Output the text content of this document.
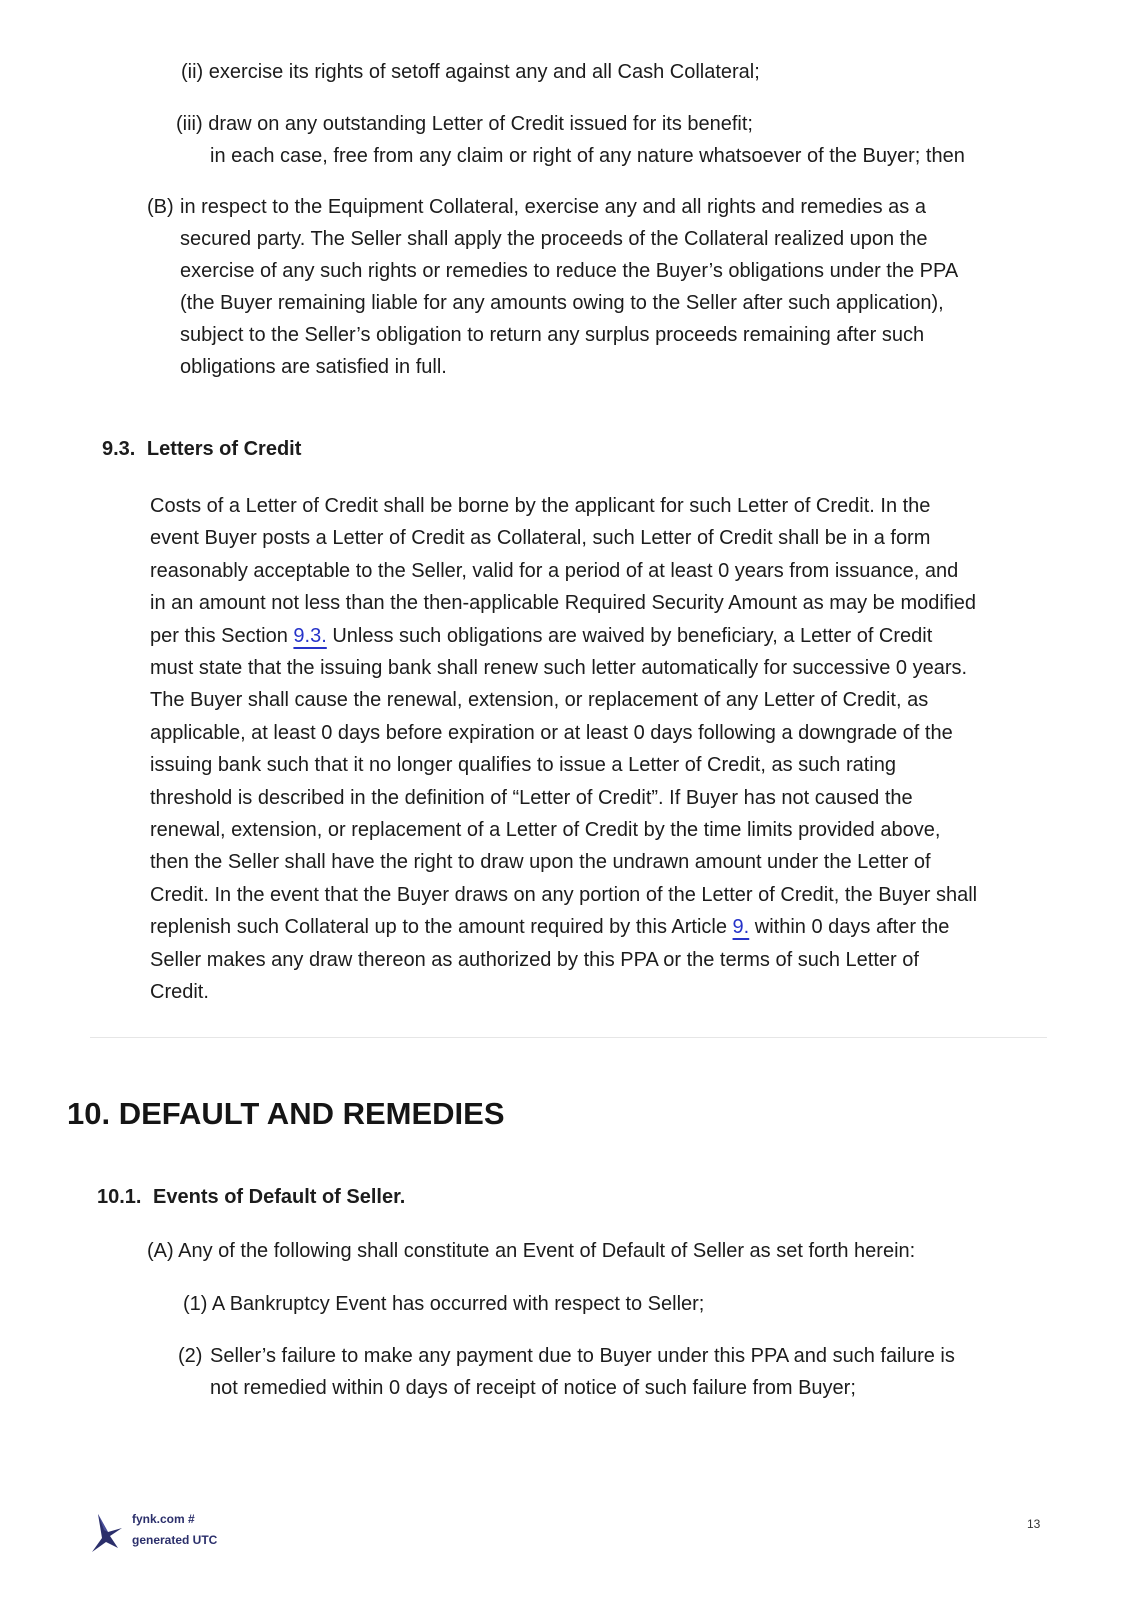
(ii) exercise its rights of setoff against any and all Cash Collateral;
(iii) draw on any outstanding Letter of Credit issued for its benefit;
in each case, free from any claim or right of any nature whatsoever of the Buyer; then
(B) in respect to the Equipment Collateral, exercise any and all rights and remedies as a
secured party. The Seller shall apply the proceeds of the Collateral realized upon the
exercise of any such rights or remedies to reduce the Buyer’s obligations under the PPA
(the Buyer remaining liable for any amounts owing to the Seller after such application),
subject to the Seller’s obligation to return any surplus proceeds remaining after such
obligations are satisfied in full.
9.3. Letters of Credit
Costs of a Letter of Credit shall be borne by the applicant for such Letter of Credit. In the
event Buyer posts a Letter of Credit as Collateral, such Letter of Credit shall be in a form
reasonably acceptable to the Seller, valid for a period of at least 0 years from issuance, and
in an amount not less than the then-applicable Required Security Amount as may be modified
per this Section 9.3. Unless such obligations are waived by beneficiary, a Letter of Credit
must state that the issuing bank shall renew such letter automatically for successive 0 years.
The Buyer shall cause the renewal, extension, or replacement of any Letter of Credit, as
applicable, at least 0 days before expiration or at least 0 days following a downgrade of the
issuing bank such that it no longer qualifies to issue a Letter of Credit, as such rating
threshold is described in the definition of “Letter of Credit”. If Buyer has not caused the
renewal, extension, or replacement of a Letter of Credit by the time limits provided above,
then the Seller shall have the right to draw upon the undrawn amount under the Letter of
Credit. In the event that the Buyer draws on any portion of the Letter of Credit, the Buyer shall
replenish such Collateral up to the amount required by this Article 9. within 0 days after the
Seller makes any draw thereon as authorized by this PPA or the terms of such Letter of
Credit.
10. DEFAULT AND REMEDIES
10.1. Events of Default of Seller.
(A) Any of the following shall constitute an Event of Default of Seller as set forth herein:
(1) A Bankruptcy Event has occurred with respect to Seller;
(2) Seller’s failure to make any payment due to Buyer under this PPA and such failure is
not remedied within 0 days of receipt of notice of such failure from Buyer;
fynk.com #
generated UTC
13
